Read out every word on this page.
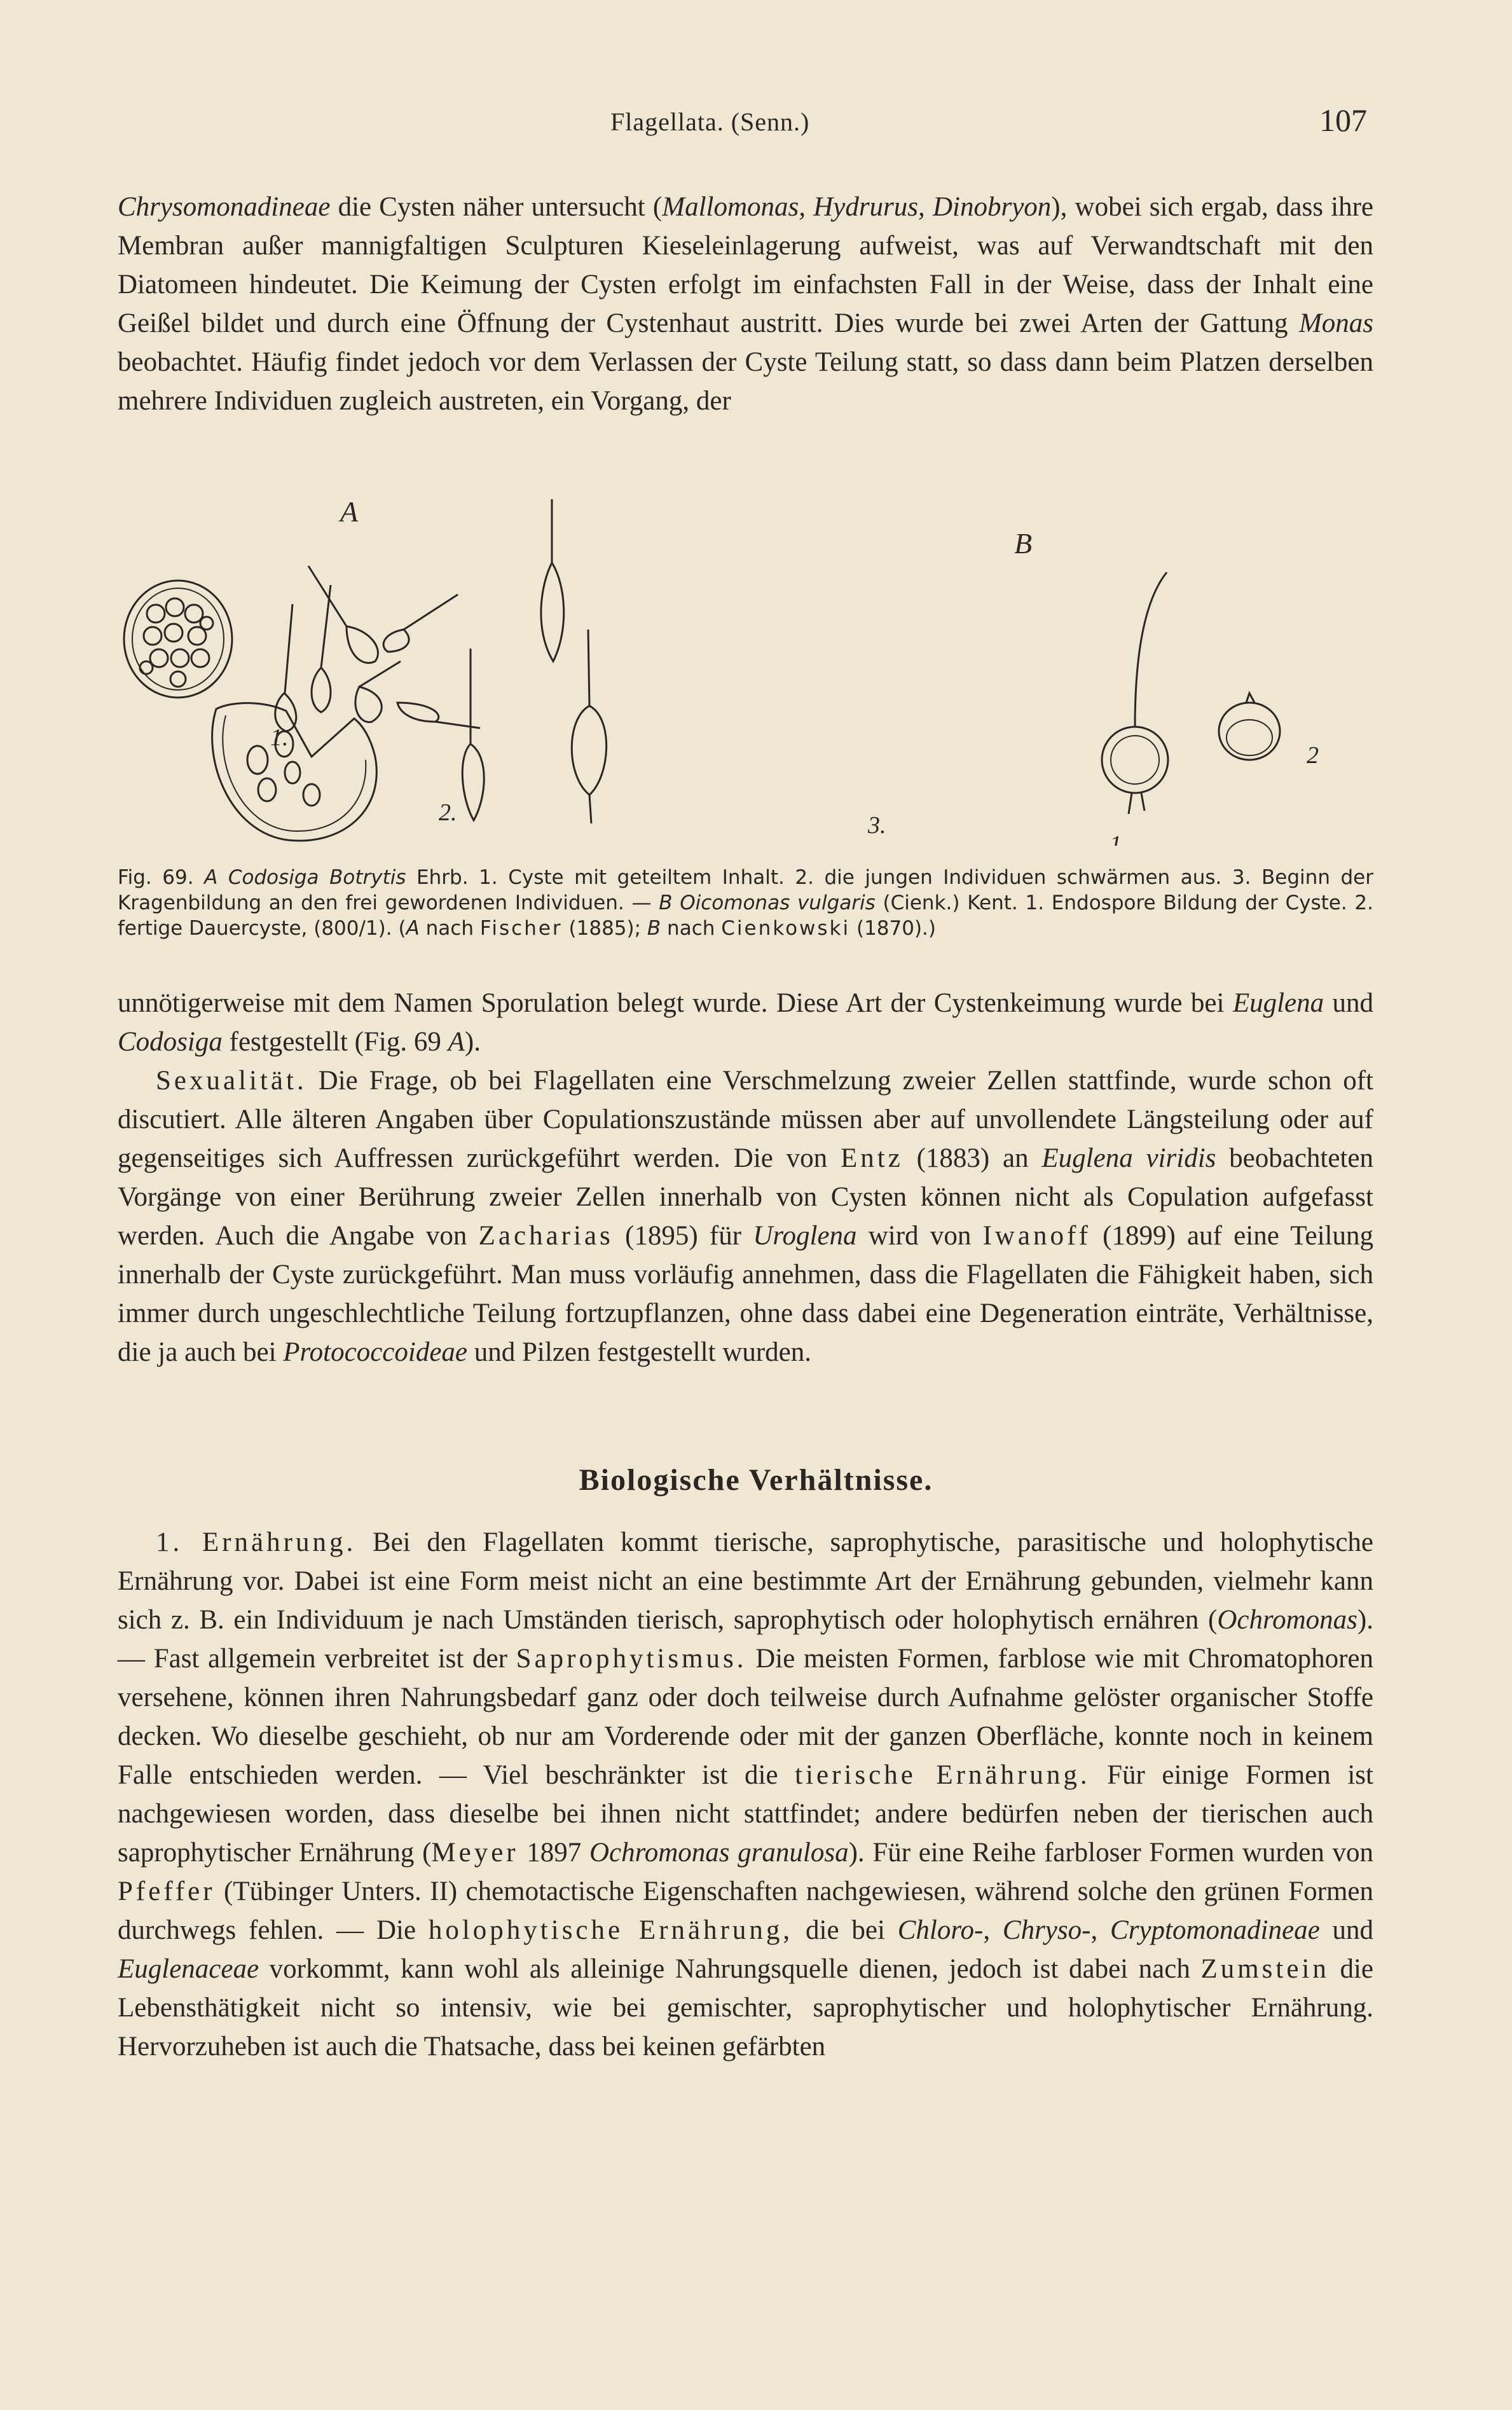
Flagellata. (Senn.)	107

Chrysomonadineae die Cysten näher untersucht (Mallomonas, Hydrurus, Dinobryon), wobei sich ergab, dass ihre Membran außer mannigfaltigen Sculpturen Kieseleinlagerung aufweist, was auf Verwandtschaft mit den Diatomeen hindeutet. Die Keimung der Cysten erfolgt im einfachsten Fall in der Weise, dass der Inhalt eine Geißel bildet und durch eine Öffnung der Cystenhaut austritt. Dies wurde bei zwei Arten der Gattung Monas beobachtet. Häufig findet jedoch vor dem Verlassen der Cyste Teilung statt, so dass dann beim Platzen derselben mehrere Individuen zugleich austreten, ein Vorgang, der

A
B
1.
2.	3.
1
2
Fig. 69. A Codosiga Botrytis Ehrb. 1. Cyste mit geteiltem Inhalt. 2. die jungen Individuen schwärmen aus. 3. Beginn der Kragenbildung an den frei gewordenen Individuen. — B Oicomonas vulgaris (Cienk.) Kent. 1. Endospore Bildung der Cyste. 2. fertige Dauercyste, (800/1). (A nach Fischer (1885); B nach Cienkowski (1870).)

unnötigerweise mit dem Namen Sporulation belegt wurde. Diese Art der Cystenkeimung wurde bei Euglena und Codosiga festgestellt (Fig. 69 A).

Sexualität. Die Frage, ob bei Flagellaten eine Verschmelzung zweier Zellen stattfinde, wurde schon oft discutiert. Alle älteren Angaben über Copulationszustände müssen aber auf unvollendete Längsteilung oder auf gegenseitiges sich Auffressen zurückgeführt werden. Die von Entz (1883) an Euglena viridis beobachteten Vorgänge von einer Berührung zweier Zellen innerhalb von Cysten können nicht als Copulation aufgefasst werden. Auch die Angabe von Zacharias (1895) für Uroglena wird von Iwanoff (1899) auf eine Teilung innerhalb der Cyste zurückgeführt. Man muss vorläufig annehmen, dass die Flagellaten die Fähigkeit haben, sich immer durch ungeschlechtliche Teilung fortzupflanzen, ohne dass dabei eine Degeneration einträte, Verhältnisse, die ja auch bei Protococcoideae und Pilzen festgestellt wurden.

Biologische Verhältnisse.

1. Ernährung. Bei den Flagellaten kommt tierische, saprophytische, parasitische und holophytische Ernährung vor. Dabei ist eine Form meist nicht an eine bestimmte Art der Ernährung gebunden, vielmehr kann sich z. B. ein Individuum je nach Umständen tierisch, saprophytisch oder holophytisch ernähren (Ochromonas). — Fast allgemein verbreitet ist der Saprophytismus. Die meisten Formen, farblose wie mit Chromatophoren versehene, können ihren Nahrungsbedarf ganz oder doch teilweise durch Aufnahme gelöster organischer Stoffe decken. Wo dieselbe geschieht, ob nur am Vorderende oder mit der ganzen Oberfläche, konnte noch in keinem Falle entschieden werden. — Viel beschränkter ist die tierische Ernährung. Für einige Formen ist nachgewiesen worden, dass dieselbe bei ihnen nicht stattfindet; andere bedürfen neben der tierischen auch saprophytischer Ernährung (Meyer 1897 Ochromonas granulosa). Für eine Reihe farbloser Formen wurden von Pfeffer (Tübinger Unters. II) chemotactische Eigenschaften nachgewiesen, während solche den grünen Formen durchwegs fehlen. — Die holophytische Ernährung, die bei Chloro-, Chryso-, Cryptomonadineae und Euglenaceae vorkommt, kann wohl als alleinige Nahrungsquelle dienen, jedoch ist dabei nach Zumstein die Lebensthätigkeit nicht so intensiv, wie bei gemischter, saprophytischer und holophytischer Ernährung. Hervorzuheben ist auch die Thatsache, dass bei keinen gefärbten
